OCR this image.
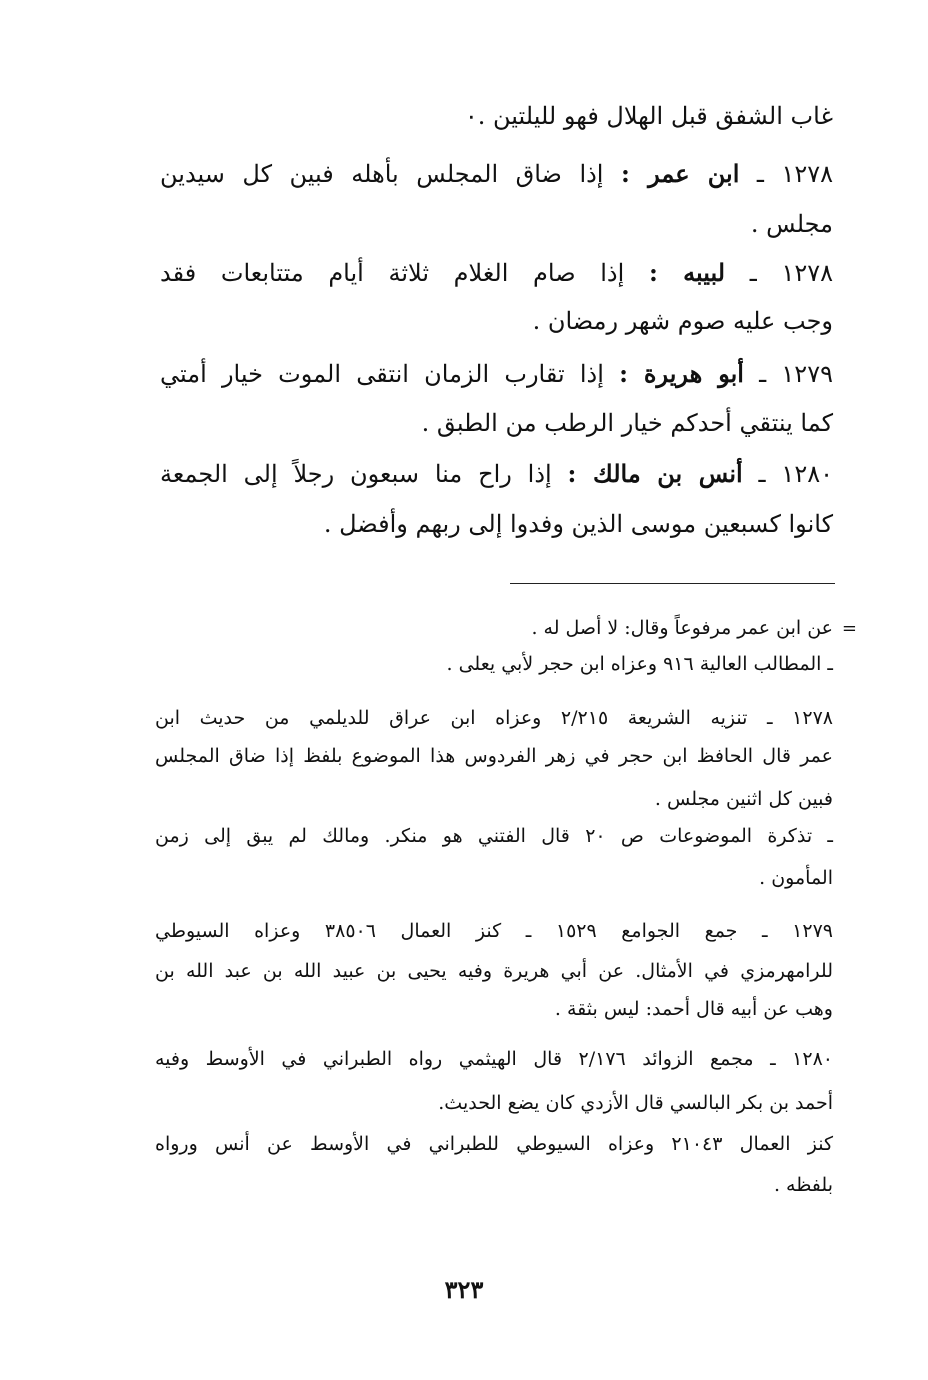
غاب الشفق قبل الهلال فهو لليلتين .٠
١٢٧٨ ـ ابن عمر : إذا ضاق المجلس بأهله فبين كل سيدين
مجلس .
١٢٧٨ ـ لبيبه : إذا صام الغلام ثلاثة أيام متتابعات فقد
وجب عليه صوم شهر رمضان .
١٢٧٩ ـ أبو هريرة : إذا تقارب الزمان انتقى الموت خيار أمتي
كما ينتقي أحدكم خيار الرطب من الطبق .
١٢٨٠ ـ أنس بن مالك : إذا راح منا سبعون رجلاً إلى الجمعة
كانوا كسبعين موسى الذين وفدوا إلى ربهم وأفضل .
=
عن ابن عمر مرفوعاً وقال: لا أصل له .
ـ المطالب العالية ٩١٦ وعزاه ابن حجر لأبي يعلى .
١٢٧٨ ـ تنزيه الشريعة ٢/٢١٥ وعزاه ابن عراق للديلمي من حديث ابن
عمر قال الحافظ ابن حجر في زهر الفردوس هذا الموضوع بلفظ إذا ضاق المجلس
فبين كل اثنين مجلس .
ـ تذكرة الموضوعات ص ٢٠ قال الفتني هو منكر. ومالك لم يبق إلى زمن
المأمون .
١٢٧٩ ـ جمع الجوامع ١٥٢٩ ـ كنز العمال ٣٨٥٠٦ وعزاه السيوطي
للرامهرمزي في الأمثال. عن أبي هريرة وفيه يحيى بن عبيد الله بن عبد الله بن
وهب عن أبيه قال أحمد: ليس بثقة .
١٢٨٠ ـ مجمع الزوائد ٢/١٧٦ قال الهيثمي رواه الطبراني في الأوسط وفيه
أحمد بن بكر البالسي قال الأزدي كان يضع الحديث.
كنز العمال ٢١٠٤٣ وعزاه السيوطي للطبراني في الأوسط عن أنس ورواه
بلفظه .
٣٢٣
